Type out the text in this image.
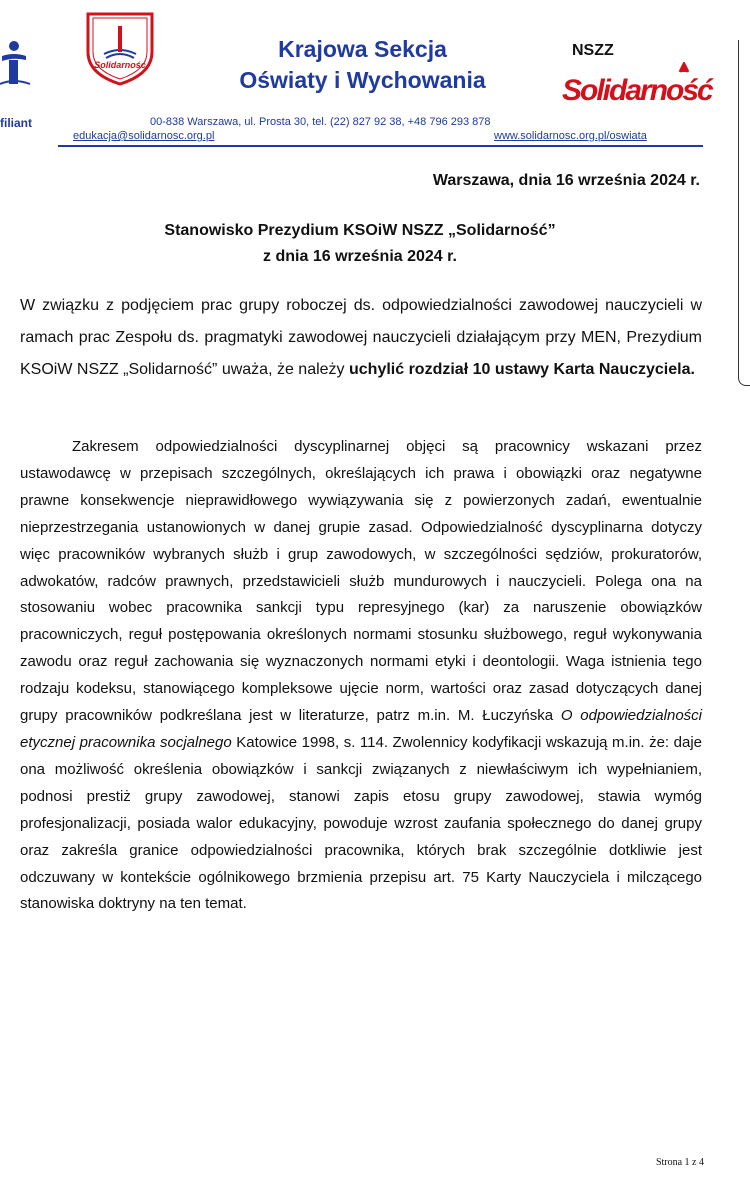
filiant
Solidarność
Krajowa Sekcja
Oświaty i Wychowania
NSZZ
Solidarność
00-838 Warszawa, ul. Prosta 30, tel. (22) 827 92 38, +48 796 293 878
edukacja@solidarnosc.org.pl	www.solidarnosc.org.pl/oswiata
Warszawa, dnia 16 września 2024 r.
Stanowisko Prezydium KSOiW NSZZ „Solidarność”
z dnia 16 września 2024 r.
W związku z podjęciem prac grupy roboczej ds. odpowiedzialności zawodowej nauczycieli w ramach prac Zespołu ds. pragmatyki zawodowej nauczycieli działającym przy MEN, Prezydium KSOiW NSZZ „Solidarność” uważa, że należy uchylić rozdział 10 ustawy Karta Nauczyciela.
Zakresem odpowiedzialności dyscyplinarnej objęci są pracownicy wskazani przez ustawodawcę w przepisach szczególnych, określających ich prawa i obowiązki oraz negatywne prawne konsekwencje nieprawidłowego wywiązywania się z powierzonych zadań, ewentualnie nieprzestrzegania ustanowionych w danej grupie zasad. Odpowiedzialność dyscyplinarna dotyczy więc pracowników wybranych służb i grup zawodowych, w szczególności sędziów, prokuratorów, adwokatów, radców prawnych, przedstawicieli służb mundurowych i nauczycieli. Polega ona na stosowaniu wobec pracownika sankcji typu represyjnego (kar) za naruszenie obowiązków pracowniczych, reguł postępowania określonych normami stosunku służbowego, reguł wykonywania zawodu oraz reguł zachowania się wyznaczonych normami etyki i deontologii. Waga istnienia tego rodzaju kodeksu, stanowiącego kompleksowe ujęcie norm, wartości oraz zasad dotyczących danej grupy pracowników podkreślana jest w literaturze, patrz m.in. M. Łuczyńska O odpowiedzialności etycznej pracownika socjalnego Katowice 1998, s. 114. Zwolennicy kodyfikacji wskazują m.in. że: daje ona możliwość określenia obowiązków i sankcji związanych z niewłaściwym ich wypełnianiem, podnosi prestiż grupy zawodowej, stanowi zapis etosu grupy zawodowej, stawia wymóg profesjonalizacji, posiada walor edukacyjny, powoduje wzrost zaufania społecznego do danej grupy oraz zakreśla granice odpowiedzialności pracownika, których brak szczególnie dotkliwie jest odczuwany w kontekście ogólnikowego brzmienia przepisu art. 75 Karty Nauczyciela i milczącego stanowiska doktryny na ten temat.
Strona 1 z 4
